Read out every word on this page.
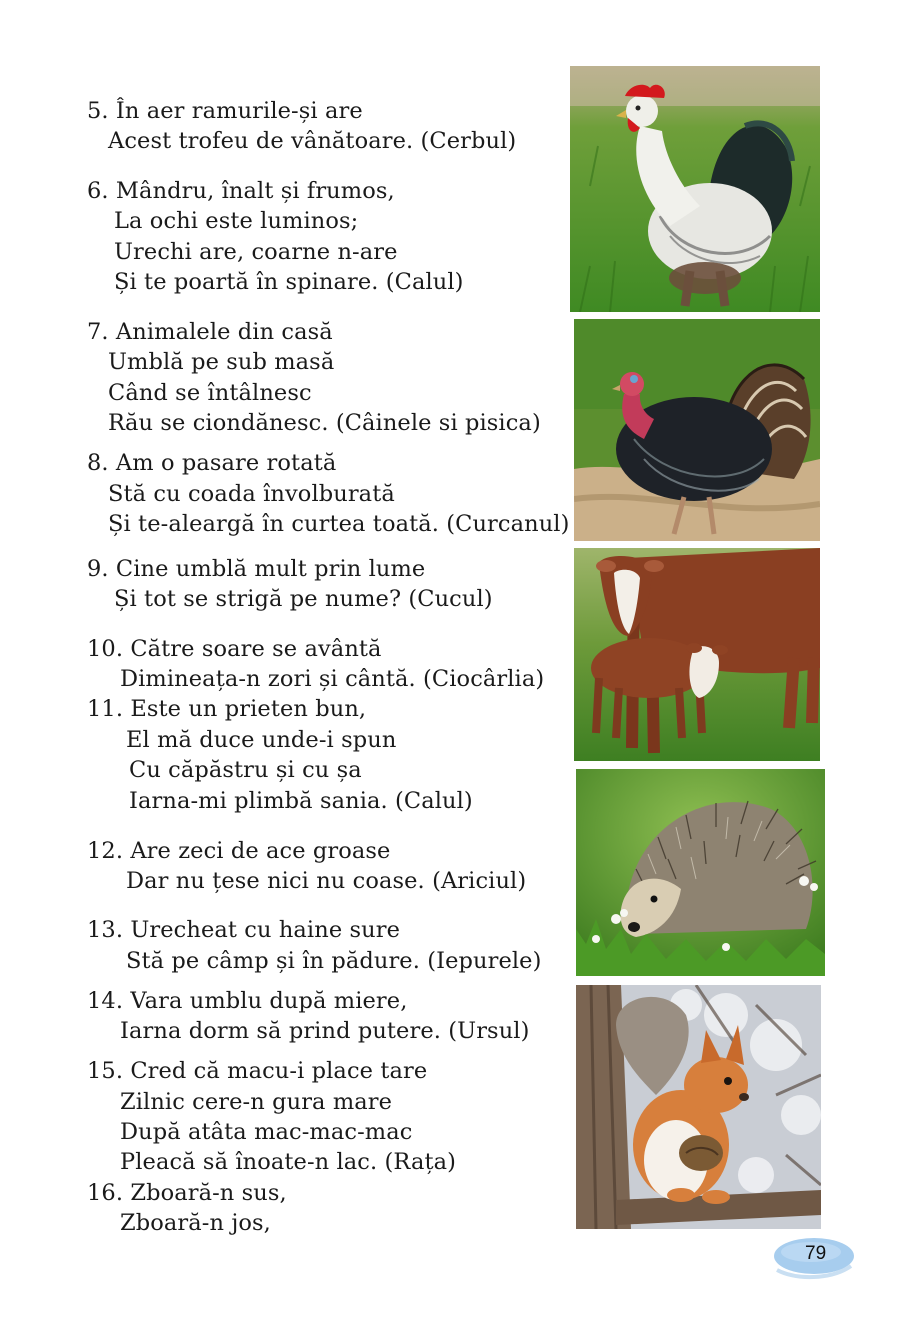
5. În aer ramurile-și are
Acest trofeu de vânătoare. (Cerbul)
6. Mândru, înalt și frumos,
La ochi este luminos;
Urechi are, coarne n-are
Și te poartă în spinare. (Calul)
7. Animalele din casă
Umblă pe sub masă
Când se întâlnesc
Rău se ciondănesc. (Câinele si pisica)
8. Am o pasare rotată
Stă cu coada învolburată
Și te-aleargă în curtea toată. (Curcanul)
9. Cine umblă mult prin lume
Și tot se strigă pe nume? (Cucul)
10. Către soare se avântă
Dimineața-n zori și cântă. (Ciocârlia)
11. Este un prieten bun,
El mă duce unde-i spun
Cu căpăstru și cu șa
Iarna-mi plimbă sania. (Calul)
12. Are zeci de ace groase
Dar nu țese nici nu coase. (Ariciul)
13. Urecheat cu haine sure
Stă pe câmp și în pădure. (Iepurele)
14. Vara umblu după miere,
Iarna dorm să prind putere. (Ursul)
15. Cred că macu-i place tare
Zilnic cere-n gura mare
După atâta mac-mac-mac
Pleacă să înoate-n lac. (Rața)
16. Zboară-n sus,
Zboară-n jos,
79
